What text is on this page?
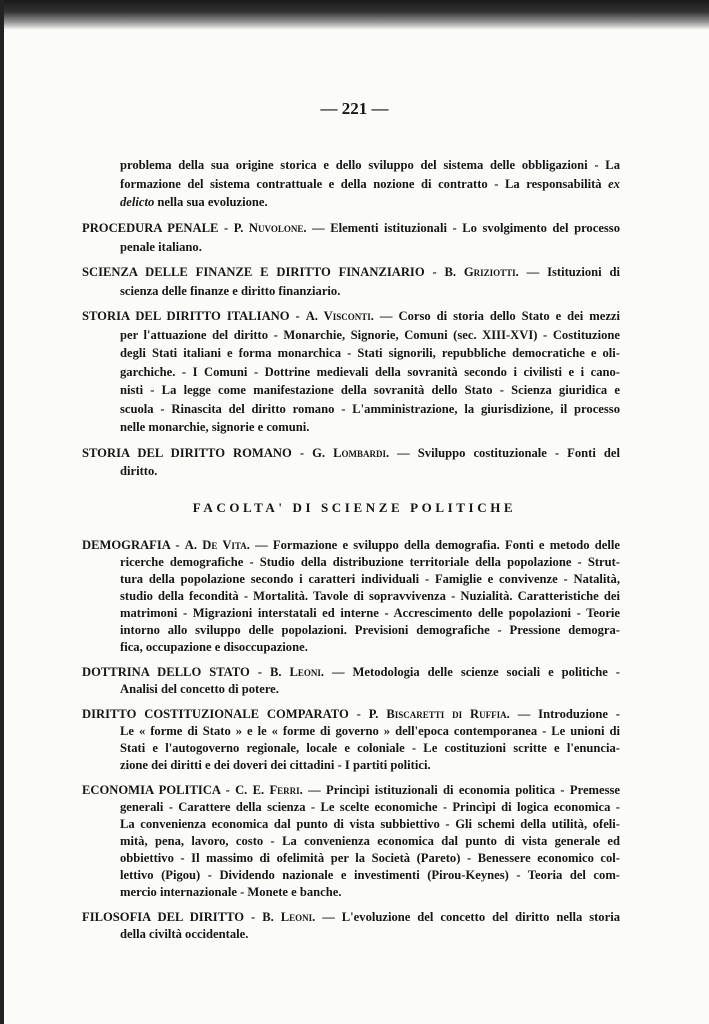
— 221 —
problema della sua origine storica e dello sviluppo del sistema delle obbligazioni - La
formazione del sistema contrattuale e della nozione di contratto - La responsabilità ex
delicto nella sua evoluzione.
PROCEDURA PENALE - P. Nuvolone. — Elementi istituzionali - Lo svolgimento del processo
penale italiano.
SCIENZA DELLE FINANZE E DIRITTO FINANZIARIO - B. Griziotti. — Istituzioni di
scienza delle finanze e diritto finanziario.
STORIA DEL DIRITTO ITALIANO - A. Visconti. — Corso di storia dello Stato e dei mezzi
per l'attuazione del diritto - Monarchie, Signorie, Comuni (sec. XIII-XVI) - Costituzione
degli Stati italiani e forma monarchica - Stati signorili, repubbliche democratiche e oli-
garchiche. - I Comuni - Dottrine medievali della sovranità secondo i civilisti e i cano-
nisti - La legge come manifestazione della sovranità dello Stato - Scienza giuridica e
scuola - Rinascita del diritto romano - L'amministrazione, la giurisdizione, il processo
nelle monarchie, signorie e comuni.
STORIA DEL DIRITTO ROMANO - G. Lombardi. — Sviluppo costituzionale - Fonti del
diritto.
FACOLTA' DI SCIENZE POLITICHE
DEMOGRAFIA - A. De Vita. — Formazione e sviluppo della demografia. Fonti e metodo delle
ricerche demografiche - Studio della distribuzione territoriale della popolazione - Strut-
tura della popolazione secondo i caratteri individuali - Famiglie e convivenze - Natalità,
studio della fecondità - Mortalità. Tavole di sopravvivenza - Nuzialità. Caratteristiche dei
matrimoni - Migrazioni interstatali ed interne - Accrescimento delle popolazioni - Teorie
intorno allo sviluppo delle popolazioni. Previsioni demografiche - Pressione demogra-
fica, occupazione e disoccupazione.
DOTTRINA DELLO STATO - B. Leoni. — Metodologia delle scienze sociali e politiche -
Analisi del concetto di potere.
DIRITTO COSTITUZIONALE COMPARATO - P. Biscaretti di Ruffia. — Introduzione -
Le « forme di Stato » e le « forme di governo » dell'epoca contemporanea - Le unioni di
Stati e l'autogoverno regionale, locale e coloniale - Le costituzioni scritte e l'enuncia-
zione dei diritti e dei doveri dei cittadini - I partiti politici.
ECONOMIA POLITICA - C. E. Ferri. — Princìpi istituzionali di economia politica - Premesse
generali - Carattere della scienza - Le scelte economiche - Princìpi di logica economica -
La convenienza economica dal punto di vista subbiettivo - Gli schemi della utilità, ofeli-
mità, pena, lavoro, costo - La convenienza economica dal punto di vista generale ed
obbiettivo - Il massimo di ofelimità per la Società (Pareto) - Benessere economico col-
lettivo (Pigou) - Dividendo nazionale e investimenti (Pirou-Keynes) - Teoria del com-
mercio internazionale - Monete e banche.
FILOSOFIA DEL DIRITTO - B. Leoni. — L'evoluzione del concetto del diritto nella storia
della civiltà occidentale.
